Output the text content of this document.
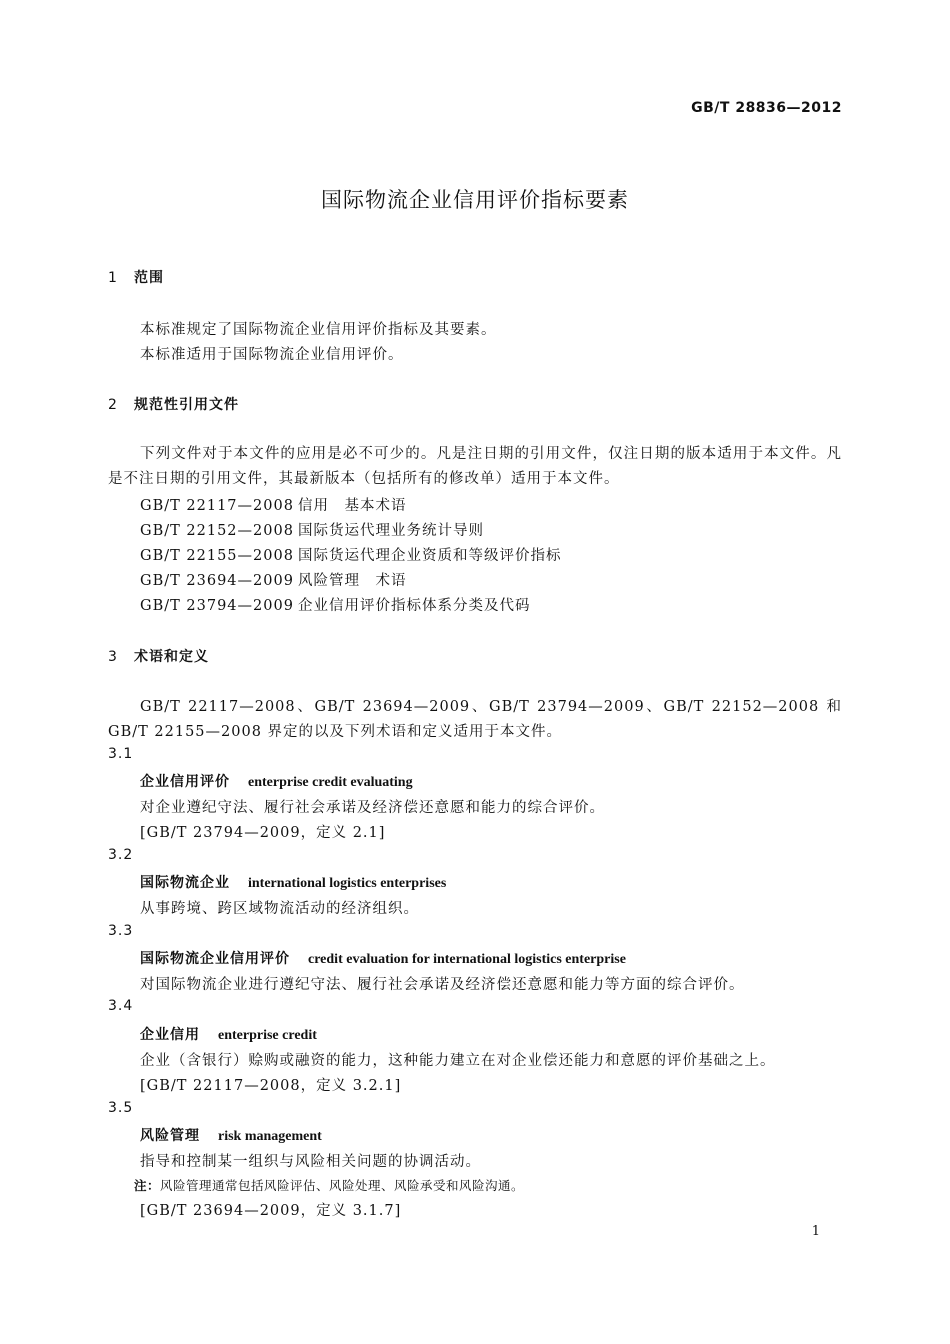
GB/T 28836—2012
国际物流企业信用评价指标要素
1 范围
本标准规定了国际物流企业信用评价指标及其要素。
本标准适用于国际物流企业信用评价。
2 规范性引用文件
下列文件对于本文件的应用是必不可少的。凡是注日期的引用文件，仅注日期的版本适用于本文件。凡是不注日期的引用文件，其最新版本（包括所有的修改单）适用于本文件。
GB/T 22117—2008 信用　基本术语
GB/T 22152—2008 国际货运代理业务统计导则
GB/T 22155—2008 国际货运代理企业资质和等级评价指标
GB/T 23694—2009 风险管理　术语
GB/T 23794—2009 企业信用评价指标体系分类及代码
3 术语和定义
GB/T 22117—2008、GB/T 23694—2009、GB/T 23794—2009、GB/T 22152—2008 和 GB/T 22155—2008 界定的以及下列术语和定义适用于本文件。
3.1
企业信用评价 enterprise credit evaluating
对企业遵纪守法、履行社会承诺及经济偿还意愿和能力的综合评价。
[GB/T 23794—2009，定义 2.1]
3.2
国际物流企业 international logistics enterprises
从事跨境、跨区域物流活动的经济组织。
3.3
国际物流企业信用评价 credit evaluation for international logistics enterprise
对国际物流企业进行遵纪守法、履行社会承诺及经济偿还意愿和能力等方面的综合评价。
3.4
企业信用 enterprise credit
企业（含银行）赊购或融资的能力，这种能力建立在对企业偿还能力和意愿的评价基础之上。
[GB/T 22117—2008，定义 3.2.1]
3.5
风险管理 risk management
指导和控制某一组织与风险相关问题的协调活动。
注：风险管理通常包括风险评估、风险处理、风险承受和风险沟通。
[GB/T 23694—2009，定义 3.1.7]
1
